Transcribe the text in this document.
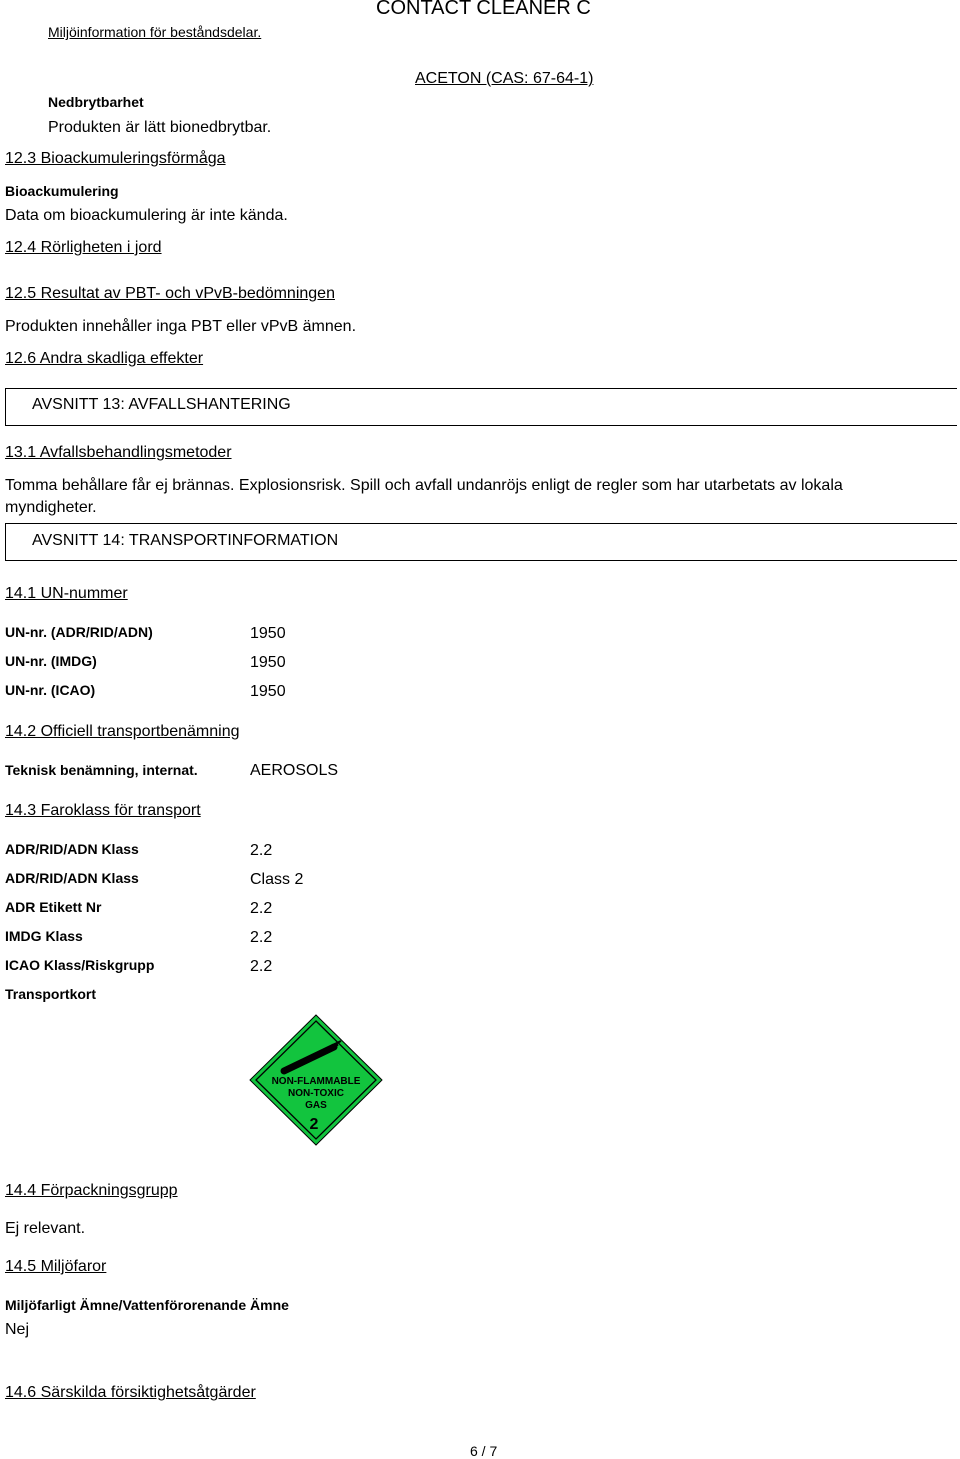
CONTACT CLEANER C
Miljöinformation för beståndsdelar.
ACETON (CAS: 67-64-1)
Nedbrytbarhet
Produkten är lätt bionedbrytbar.
12.3 Bioackumuleringsförmåga
Bioackumulering
Data om bioackumulering är inte kända.
12.4 Rörligheten i jord
12.5 Resultat av PBT- och vPvB-bedömningen
Produkten innehåller inga PBT eller vPvB ämnen.
12.6 Andra skadliga effekter
AVSNITT 13: AVFALLSHANTERING
13.1 Avfallsbehandlingsmetoder
Tomma behållare får ej brännas. Explosionsrisk. Spill och avfall undanröjs enligt de regler som har utarbetats av lokala
myndigheter.
AVSNITT 14: TRANSPORTINFORMATION
14.1 UN-nummer
UN-nr. (ADR/RID/ADN)	1950
UN-nr. (IMDG)	1950
UN-nr. (ICAO)	1950
14.2 Officiell transportbenämning
Teknisk benämning, internat.	AEROSOLS
14.3 Faroklass för transport
ADR/RID/ADN Klass	2.2
ADR/RID/ADN Klass	Class 2
ADR Etikett Nr	2.2
IMDG Klass	2.2
ICAO Klass/Riskgrupp	2.2
Transportkort
NON-FLAMMABLE
NON-TOXIC
GAS
2
14.4 Förpackningsgrupp
Ej relevant.
14.5 Miljöfaror
Miljöfarligt Ämne/Vattenförorenande Ämne
Nej
14.6 Särskilda försiktighetsåtgärder
6 / 7
